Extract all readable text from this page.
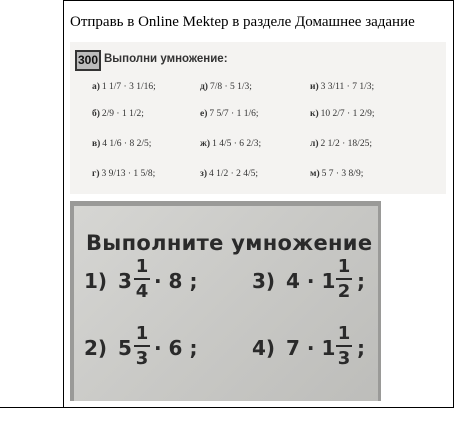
Отправь в Online Mektep в разделе Домашнее задание
300 Выполни умножение:
а) 1 1/7 · 3 1/16;
б) 2/9 · 1 1/2;
в) 4 1/6 · 8 2/5;
г) 3 9/13 · 1 5/8;
д) 7/8 · 5 1/3;
е) 7 5/7 · 1 1/6;
ж) 1 4/5 · 6 2/3;
з) 4 1/2 · 2 4/5;
и) 3 3/11 · 7 1/3;
к) 10 2/7 · 1 2/9;
л) 2 1/2 · 18/25;
м) 5 7 · 3 8/9;
Выполните умножение
1) 3
1
4 · 8 ;	3) 4 · 1
1
2 ;
2) 5
1
3 · 6 ;	4) 7 · 1
1
3 ;
